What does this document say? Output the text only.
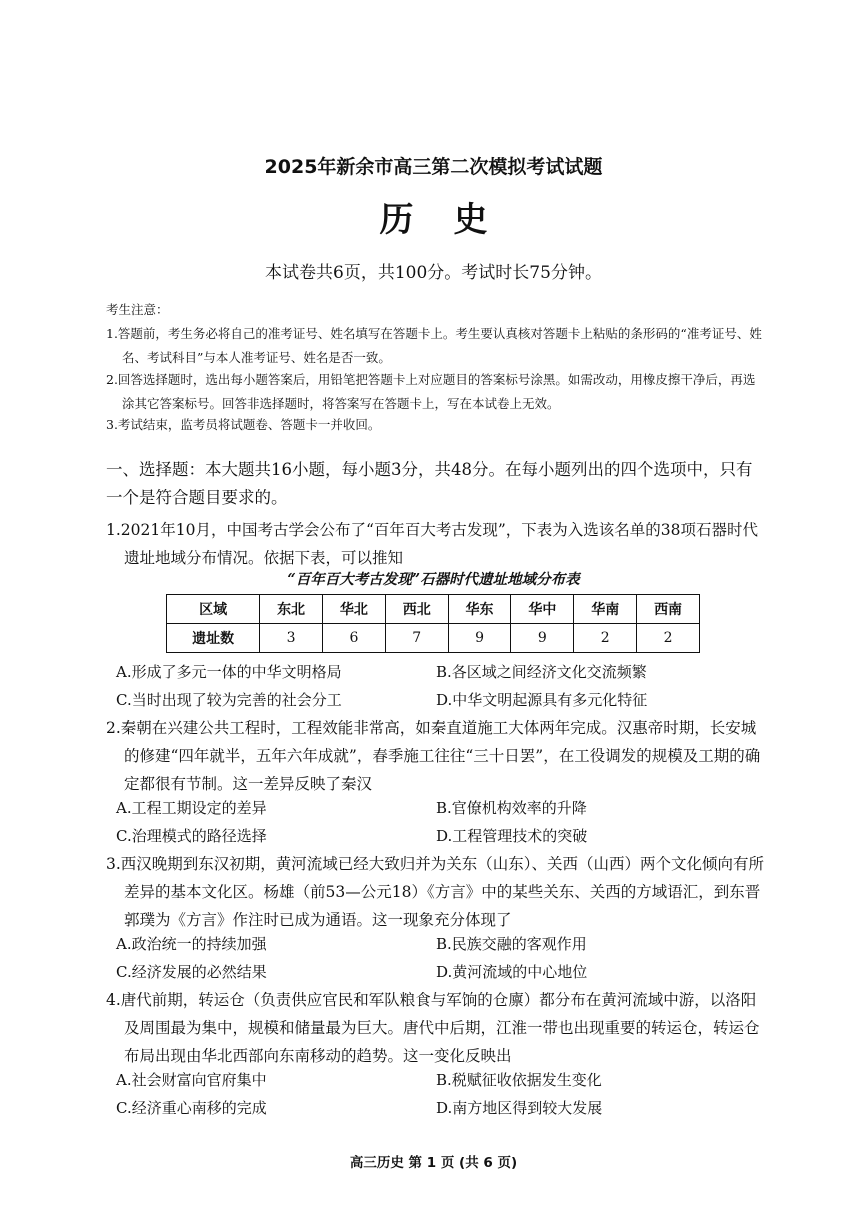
2025年新余市高三第二次模拟考试试题
历史
本试卷共6页，共100分。考试时长75分钟。
考生注意：

1.答题前，考生务必将自己的准考证号、姓名填写在答题卡上。考生要认真核对答题卡上粘贴的条形码的“准考证号、姓名、考试科目”与本人准考证号、姓名是否一致。

2.回答选择题时，选出每小题答案后，用铅笔把答题卡上对应题目的答案标号涂黑。如需改动，用橡皮擦干净后，再选涂其它答案标号。回答非选择题时，将答案写在答题卡上，写在本试卷上无效。

3.考试结束，监考员将试题卷、答题卡一并收回。

一、选择题：本大题共16小题，每小题3分，共48分。在每小题列出的四个选项中，只有一个是符合题目要求的。

1.2021年10月，中国考古学会公布了“百年百大考古发现”，下表为入选该名单的38项石器时代遗址地域分布情况。依据下表，可以推知

“百年百大考古发现”石器时代遗址地域分布表
区域	东北	华北	西北	华东	华中	华南	西南
遗址数	3	6	7	9	9	2	2
A.形成了多元一体的中华文明格局	B.各区域之间经济文化交流频繁
C.当时出现了较为完善的社会分工	D.中华文明起源具有多元化特征

2.秦朝在兴建公共工程时，工程效能非常高，如秦直道施工大体两年完成。汉惠帝时期，长安城的修建“四年就半，五年六年成就”，春季施工往往“三十日罢”，在工役调发的规模及工期的确定都很有节制。这一差异反映了秦汉

A.工程工期设定的差异	B.官僚机构效率的升降
C.治理模式的路径选择	D.工程管理技术的突破

3.西汉晚期到东汉初期，黄河流域已经大致归并为关东（山东）、关西（山西）两个文化倾向有所差异的基本文化区。杨雄（前53—公元18）《方言》中的某些关东、关西的方域语汇，到东晋郭璞为《方言》作注时已成为通语。这一现象充分体现了

A.政治统一的持续加强	B.民族交融的客观作用
C.经济发展的必然结果	D.黄河流域的中心地位

4.唐代前期，转运仓（负责供应官民和军队粮食与军饷的仓廪）都分布在黄河流域中游，以洛阳及周围最为集中，规模和储量最为巨大。唐代中后期，江淮一带也出现重要的转运仓，转运仓布局出现由华北西部向东南移动的趋势。这一变化反映出

A.社会财富向官府集中	B.税赋征收依据发生变化
C.经济重心南移的完成	D.南方地区得到较大发展
高三历史 第 1 页 (共 6 页)
